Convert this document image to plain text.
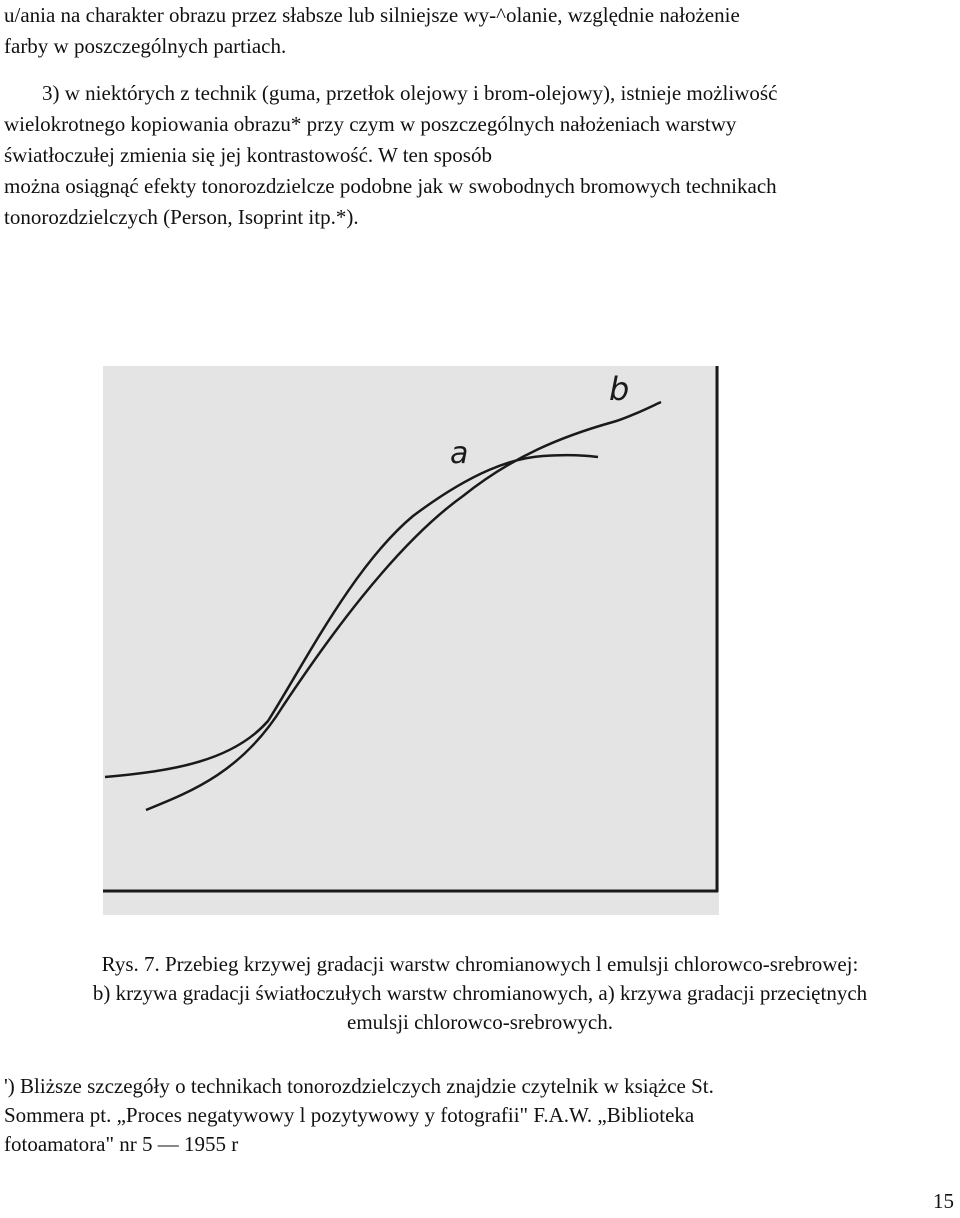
u/ania na charakter obrazu przez słabsze lub silniejsze wy-^olanie, względnie nałożenie
farby w poszczególnych partiach.

3) w niektórych z technik (guma, przetłok olejowy i brom-olejowy), istnieje możliwość
wielokrotnego kopiowania obrazu* przy czym w poszczególnych nałożeniach warstwy
światłoczułej zmienia się jej kontrastowość. W ten sposób
można osiągnąć efekty tonorozdzielcze podobne jak w swobodnych bromowych technikach
tonorozdzielczych (Person, Isoprint itp.*).

a
b

Rys. 7. Przebieg krzywej gradacji warstw chromianowych l emulsji chlorowco-srebrowej:
b) krzywa gradacji światłoczułych warstw chromianowych, a) krzywa gradacji przeciętnych
emulsji chlorowco-srebrowych.

') Bliższe szczegóły o technikach tonorozdzielczych znajdzie czytelnik w książce St.
Sommera pt. „Proces negatywowy l pozytywowy y fotografii" F.A.W. „Biblioteka
fotoamatora" nr 5 — 1955 r

15
